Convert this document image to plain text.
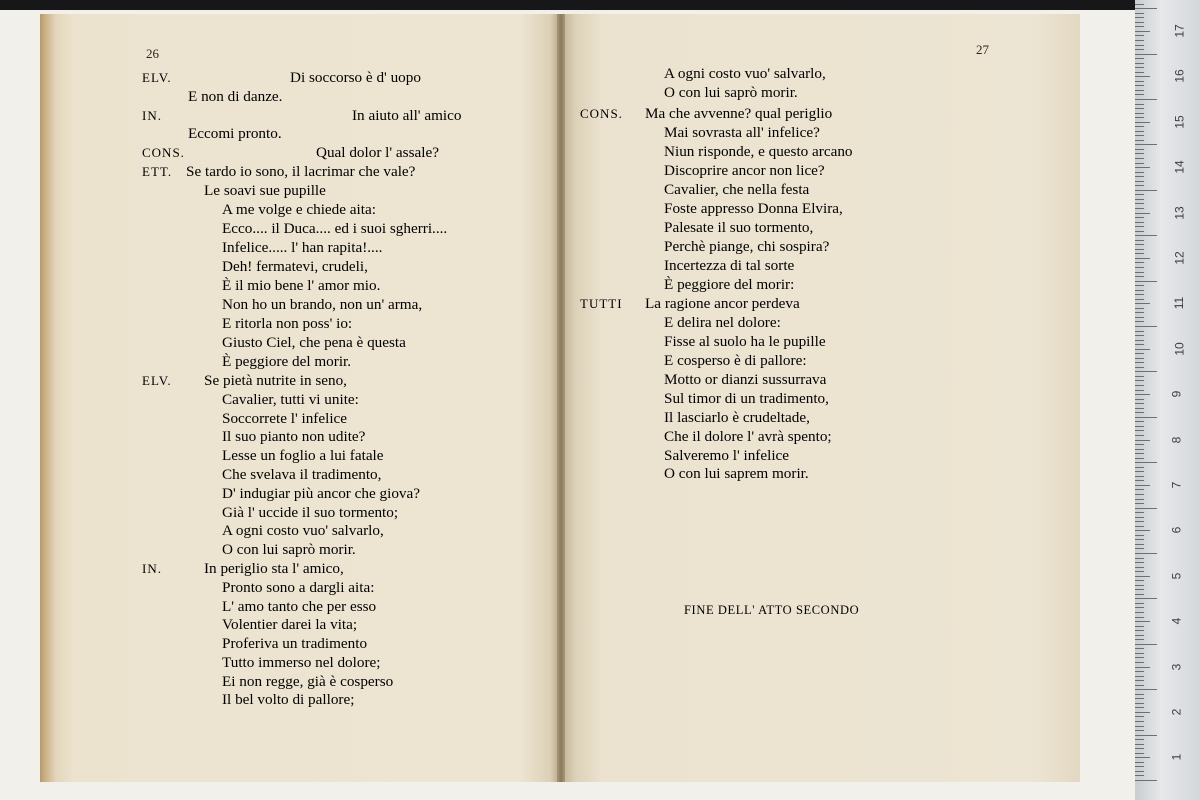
26	27
ELV.	Di soccorso è d' uopo
E non di danze.
IN.	In aiuto all' amico
Eccomi pronto.
CONS.	Qual dolor l' assale?
ETT. Se tardo io sono, il lacrimar che vale?
Le soavi sue pupille
A me volge e chiede aita:
Ecco.... il Duca.... ed i suoi sgherri....
Infelice..... l' han rapita!....
Deh! fermatevi, crudeli,
È il mio bene l' amor mio.
Non ho un brando, non un' arma,
E ritorla non poss' io:
Giusto Ciel, che pena è questa
È peggiore del morir.
ELV. Se pietà nutrite in seno,
Cavalier, tutti vi unite:
Soccorrete l' infelice
Il suo pianto non udite?
Lesse un foglio a lui fatale
Che svelava il tradimento,
D' indugiar più ancor che giova?
Già l' uccide il suo tormento;
A ogni costo vuo' salvarlo,
O con lui saprò morir.
IN.	In periglio sta l' amico,
Pronto sono a dargli aita:
L' amo tanto che per esso
Volentier darei la vita;
Proferiva un tradimento
Tutto immerso nel dolore;
Ei non regge, già è cosperso
Il bel volto di pallore;
A ogni costo vuo' salvarlo,
O con lui saprò morir.
CONS. Ma che avvenne? qual periglio
Mai sovrasta all' infelice?
Niun risponde, e questo arcano
Discoprire ancor non lice?
Cavalier, che nella festa
Foste appresso Donna Elvira,
Palesate il suo tormento,
Perchè piange, chi sospira?
Incertezza di tal sorte
È peggiore del morir:
TUTTI La ragione ancor perdeva
E delira nel dolore:
Fisse al suolo ha le pupille
E cosperso è di pallore:
Motto or dianzi sussurrava
Sul timor di un tradimento,
Il lasciarlo è crudeltade,
Che il dolore l' avrà spento;
Salveremo l' infelice
O con lui saprem morir.
FINE DELL' ATTO SECONDO
1
2
3
4
5
6
7
8
9
10
11
12
13
14
15
16
17
